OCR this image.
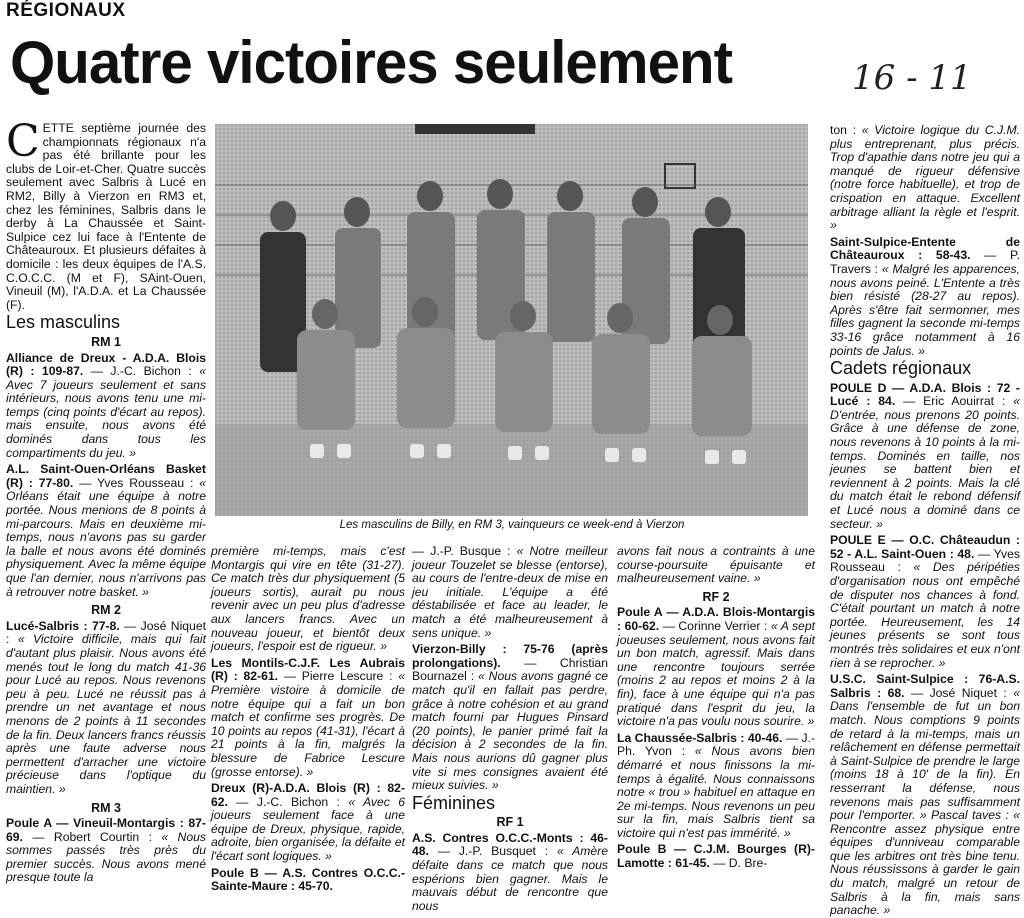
RÉGIONAUX
Quatre victoires seulement	16 - 11

CETTE septième journée des championnats régionaux n'a pas été brillante pour les clubs de Loir-et-Cher. Quatre succès seulement avec Salbris à Lucé en RM2, Billy à Vierzon en RM3 et, chez les féminines, Salbris dans le derby à La Chaussée et Saint-Sulpice cez lui face à l'Entente de Châteauroux. Et plusieurs défaites à domicile : les deux équipes de l'A.S. C.O.C.C. (M et F), SAint-Ouen, Vineuil (M), l'A.D.A. et La Chaussée (F).

Les masculins
RM 1

Alliance de Dreux - A.D.A. Blois (R) : 109-87. — J.-C. Bichon : « Avec 7 joueurs seulement et sans intérieurs, nous avons tenu une mi-temps (cinq points d'écart au repos). mais ensuite, nous avons été dominés dans tous les compartiments du jeu. »

A.L. Saint-Ouen-Orléans Basket (R) : 77-80. — Yves Rousseau : « Orléans était une équipe à notre portée. Nous menions de 8 points à mi-parcours. Mais en deuxième mi-temps, nous n'avons pas su garder la balle et nous avons été dominés physiquement. Avec la même équipe que l'an dernier, nous n'arrivons pas à retrouver notre basket. »

RM 2

Lucé-Salbris : 77-8. — José Niquet : « Victoire difficile, mais qui fait d'autant plus plaisir. Nous avons été menés tout le long du match 41-36 pour Lucé au repos. Nous revenons peu à peu. Lucé ne réussit pas à prendre un net avantage et nous menons de 2 points à 11 secondes de la fin. Deux lancers francs réussis après une faute adverse nous permettent d'arracher une victoire précieuse dans l'optique du maintien. »

RM 3

Poule A — Vineuil-Montargis : 87-69. — Robert Courtin : « Nous sommes passés très près du premier succès. Nous avons mené presque toute la

Les masculins de Billy, en RM 3, vainqueurs ce week-end à Vierzon

première mi-temps, mais c'est Montargis qui vire en tête (31-27). Ce match très dur physiquement (5 joueurs sortis), aurait pu nous revenir avec un peu plus d'adresse aux lancers francs. Avec un nouveau joueur, et bientôt deux joueurs, l'espoir est de rigueur. »

Les Montils-C.J.F. Les Aubrais (R) : 82-61. — Pierre Lescure : « Première vistoire à domicile de notre équipe qui a fait un bon match et confirme ses progrès. De 10 points au repos (41-31), l'écart à 21 points à la fin, malgrés la blessure de Fabrice Lescure (grosse entorse). »

Dreux (R)-A.D.A. Blois (R) : 82-62. — J.-C. Bichon : « Avec 6 joueurs seulement face à une équipe de Dreux, physique, rapide, adroite, bien organisée, la défaite et l'écart sont logiques. »

Poule B — A.S. Contres O.C.C.-Sainte-Maure : 45-70.

— J.-P. Busque : « Notre meilleur joueur Touzelet se blesse (entorse), au cours de l'entre-deux de mise en jeu initiale. L'équipe a été déstabilisée et face au leader, le match a été malheureusement à sens unique. »

Vierzon-Billy : 75-76 (après prolongations). — Christian Bournazel : « Nous avons gagné ce match qu'il en fallait pas perdre, grâce à notre cohésion et au grand match fourni par Hugues Pinsard (20 points), le panier primé fait la décision à 2 secondes de la fin. Mais nous aurions dû gagner plus vite si mes consignes avaient été mieux suivies. »

Féminines
RF 1

A.S. Contres O.C.C.-Monts : 46-48. — J.-P. Busquet : « Amère défaite dans ce match que nous espérions bien gagner. Mais le mauvais début de rencontre que nous

avons fait nous a contraints à une course-poursuite épuisante et malheureusement vaine. »

RF 2

Poule A — A.D.A. Blois-Montargis : 60-62. — Corinne Verrier : « A sept joueuses seulement, nous avons fait un bon match, agressif. Mais dans une rencontre toujours serrée (moins 2 au repos et moins 2 à la fin), face à une équipe qui n'a pas pratiqué dans l'esprit du jeu, la victoire n'a pas voulu nous sourire. »

La Chaussée-Salbris : 40-46. — J.-Ph. Yvon : « Nous avons bien démarré et nous finissons la mi-temps à égalité. Nous connaissons notre « trou » habituel en attaque en 2e mi-temps. Nous revenons un peu sur la fin, mais Salbris tient sa victoire qui n'est pas immérité. »

Poule B — C.J.M. Bourges (R)-Lamotte : 61-45. — D. Bre-

ton : « Victoire logique du C.J.M. plus entreprenant, plus précis. Trop d'apathie dans notre jeu qui a manqué de rigueur défensive (notre force habituelle), et trop de crispation en attaque. Excellent arbitrage alliant la règle et l'esprit. »

Saint-Sulpice-Entente de Châteauroux : 58-43. — P. Travers : « Malgré les apparences, nous avons peiné. L'Entente a très bien résisté (28-27 au repos). Après s'être fait sermonner, mes filles gagnent la seconde mi-temps 33-16 grâce notamment à 16 points de Jalus. »

Cadets régionaux

POULE D — A.D.A. Blois : 72 - Lucé : 84. — Eric Aouirrat : « D'entrée, nous prenons 20 points. Grâce à une défense de zone, nous revenons à 10 points à la mi-temps. Dominés en taille, nos jeunes se battent bien et reviennent à 2 points. Mais la clé du match était le rebond défensif et Lucé nous a dominé dans ce secteur. »

POULE E — O.C. Châteaudun : 52 - A.L. Saint-Ouen : 48. — Yves Rousseau : « Des péripéties d'organisation nous ont empêché de disputer nos chances à fond. C'était pourtant un match à notre portée. Heureusement, les 14 jeunes présents se sont tous montrés très solidaires et eux n'ont rien à se reprocher. »

U.S.C. Saint-Sulpice : 76-A.S. Salbris : 68. — José Niquet : « Dans l'ensemble de fut un bon match. Nous comptions 9 points de retard à la mi-temps, mais un relâchement en défense permettait à Saint-Sulpice de prendre le large (moins 18 à 10' de la fin). En resserrant la défense, nous revenons mais pas suffisamment pour l'emporter. » Pascal taves : « Rencontre assez physique entre équipes d'unniveau comparable que les arbitres ont très bine tenu. Nous réussissons à garder le gain du match, malgré un retour de Salbris à la fin, mais sans panache. »
